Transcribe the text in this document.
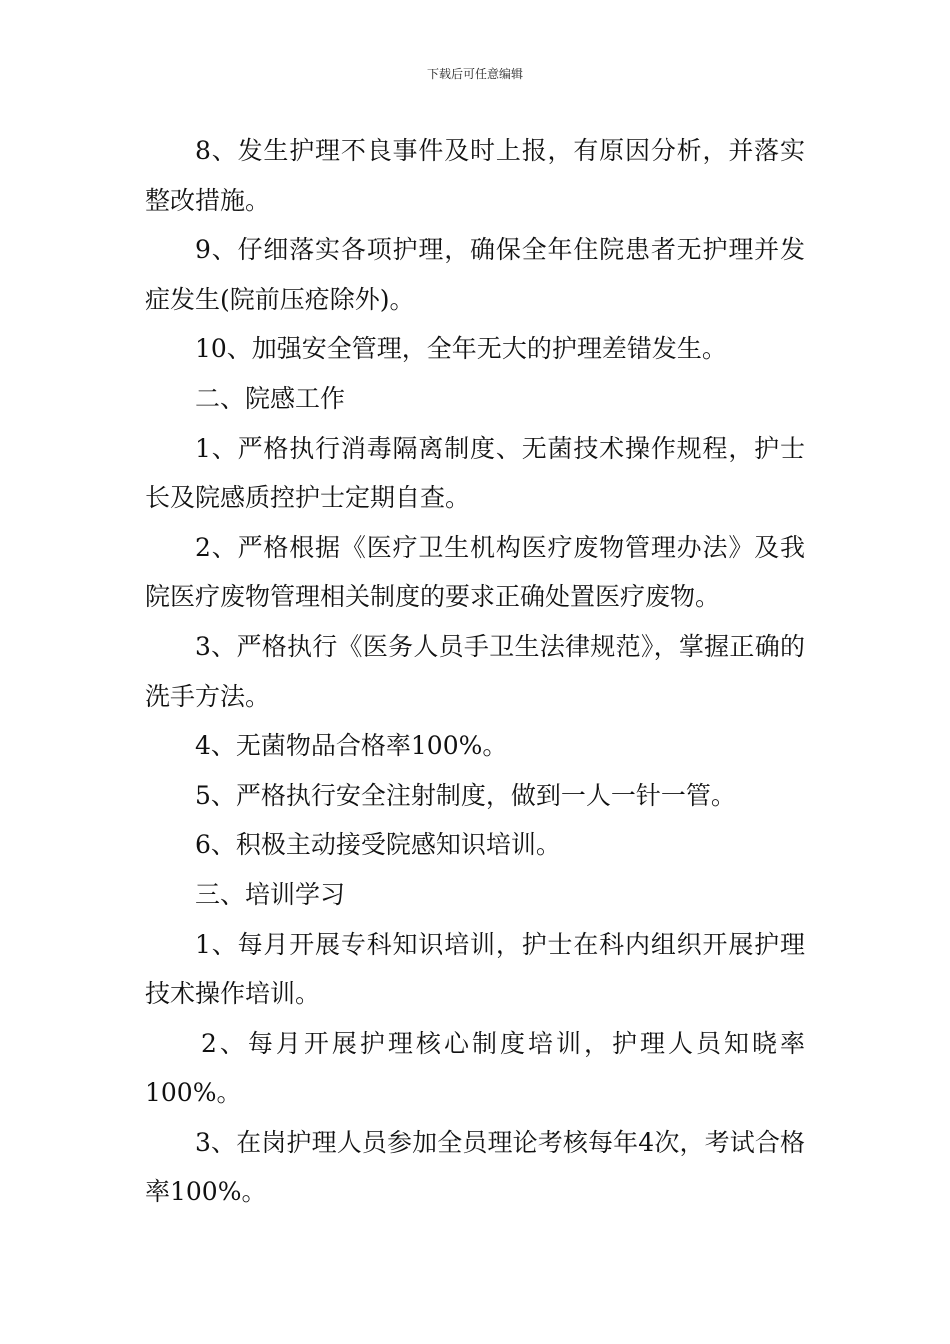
下载后可任意编辑

8、发生护理不良事件及时上报，有原因分析，并落实整改措施。

9、仔细落实各项护理，确保全年住院患者无护理并发症发生(院前压疮除外)。

10、加强安全管理，全年无大的护理差错发生。

二、院感工作

1、严格执行消毒隔离制度、无菌技术操作规程，护士长及院感质控护士定期自查。

2、严格根据《医疗卫生机构医疗废物管理办法》及我院医疗废物管理相关制度的要求正确处置医疗废物。

3、严格执行《医务人员手卫生法律规范》，掌握正确的洗手方法。

4、无菌物品合格率100%。

5、严格执行安全注射制度，做到一人一针一管。

6、积极主动接受院感知识培训。

三、培训学习

1、每月开展专科知识培训，护士在科内组织开展护理技术操作培训。

2、每月开展护理核心制度培训，护理人员知晓率100%。

3、在岗护理人员参加全员理论考核每年4次，考试合格率100%。
